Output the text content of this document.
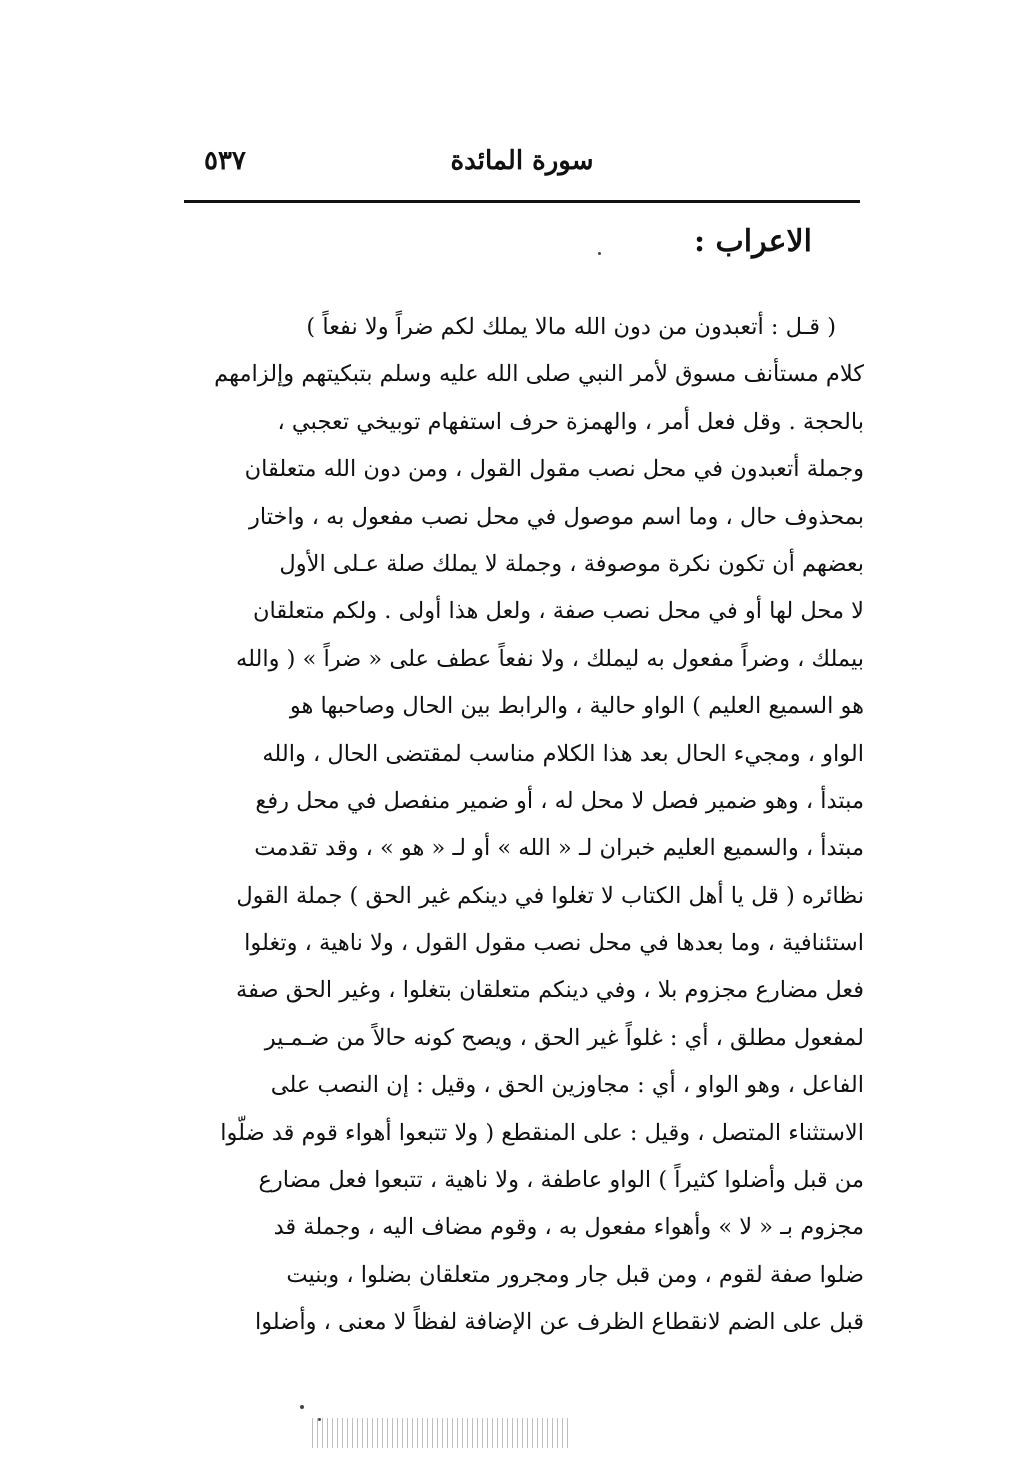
سورة المائدة
٥٣٧
الاعراب :
( قـل : أتعبدون من دون الله مالا يملك لكم ضراً ولا نفعاً )
كلام مستأنف مسوق لأمر النبي صلى الله عليه وسلم بتبكيتهم وإلزامهم
بالحجة . وقل فعل أمر ، والهمزة حرف استفهام توبيخي تعجبي ،
وجملة أتعبدون في محل نصب مقول القول ، ومن دون الله متعلقان
بمحذوف حال ، وما اسم موصول في محل نصب مفعول به ، واختار
بعضهم أن تكون نكرة موصوفة ، وجملة لا يملك صلة عـلى الأول
لا محل لها أو في محل نصب صفة ، ولعل هذا أولى . ولكم متعلقان
بيملك ، وضراً مفعول به ليملك ، ولا نفعاً عطف على « ضراً » ( والله
هو السميع العليم ) الواو حالية ، والرابط بين الحال وصاحبها هو
الواو ، ومجيء الحال بعد هذا الكلام مناسب لمقتضى الحال ، والله
مبتدأ ، وهو ضمير فصل لا محل له ، أو ضمير منفصل في محل رفع
مبتدأ ، والسميع العليم خبران لـ « الله » أو لـ « هو » ، وقد تقدمت
نظائره ( قل يا أهل الكتاب لا تغلوا في دينكم غير الحق ) جملة القول
استئنافية ، وما بعدها في محل نصب مقول القول ، ولا ناهية ، وتغلوا
فعل مضارع مجزوم بلا ، وفي دينكم متعلقان بتغلوا ، وغير الحق صفة
لمفعول مطلق ، أي : غلواً غير الحق ، ويصح كونه حالاً من ضـمـير
الفاعل ، وهو الواو ، أي : مجاوزين الحق ، وقيل : إن النصب على
الاستثناء المتصل ، وقيل : على المنقطع ( ولا تتبعوا أهواء قوم قد ضلّوا
من قبل وأضلوا كثيراً ) الواو عاطفة ، ولا ناهية ، تتبعوا فعل مضارع
مجزوم بـ « لا » وأهواء مفعول به ، وقوم مضاف اليه ، وجملة قد
ضلوا صفة لقوم ، ومن قبل جار ومجرور متعلقان بضلوا ، وبنيت
قبل على الضم لانقطاع الظرف عن الإضافة لفظاً لا معنى ، وأضلوا
